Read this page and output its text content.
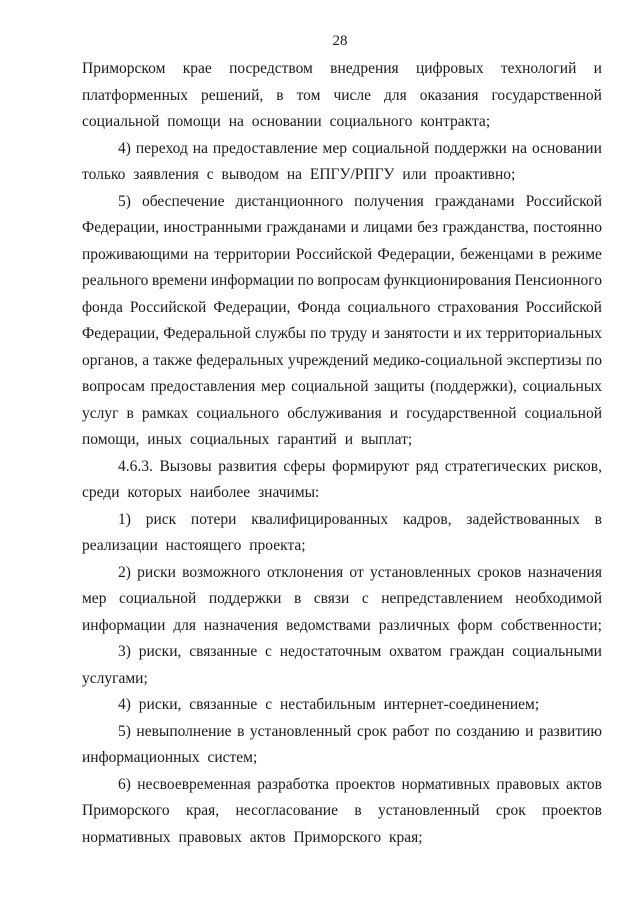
28
Приморском крае посредством внедрения цифровых технологий и
платформенных решений, в том числе для оказания государственной
социальной помощи на основании социального контракта;
4) переход на предоставление мер социальной поддержки на основании
только заявления с выводом на ЕПГУ/РПГУ или проактивно;
5) обеспечение дистанционного получения гражданами Российской
Федерации, иностранными гражданами и лицами без гражданства, постоянно
проживающими на территории Российской Федерации, беженцами в режиме
реального времени информации по вопросам функционирования Пенсионного
фонда Российской Федерации, Фонда социального страхования Российской
Федерации, Федеральной службы по труду и занятости и их территориальных
органов, а также федеральных учреждений медико-социальной экспертизы по
вопросам предоставления мер социальной защиты (поддержки), социальных
услуг в рамках социального обслуживания и государственной социальной
помощи, иных социальных гарантий и выплат;
4.6.3. Вызовы развития сферы формируют ряд стратегических рисков,
среди которых наиболее значимы:
1) риск потери квалифицированных кадров, задействованных в
реализации настоящего проекта;
2) риски возможного отклонения от установленных сроков назначения
мер социальной поддержки в связи с непредставлением необходимой
информации для назначения ведомствами различных форм собственности;
3) риски, связанные с недостаточным охватом граждан социальными
услугами;
4) риски, связанные с нестабильным интернет-соединением;
5) невыполнение в установленный срок работ по созданию и развитию
информационных систем;
6) несвоевременная разработка проектов нормативных правовых актов
Приморского края, несогласование в установленный срок проектов
нормативных правовых актов Приморского края;
